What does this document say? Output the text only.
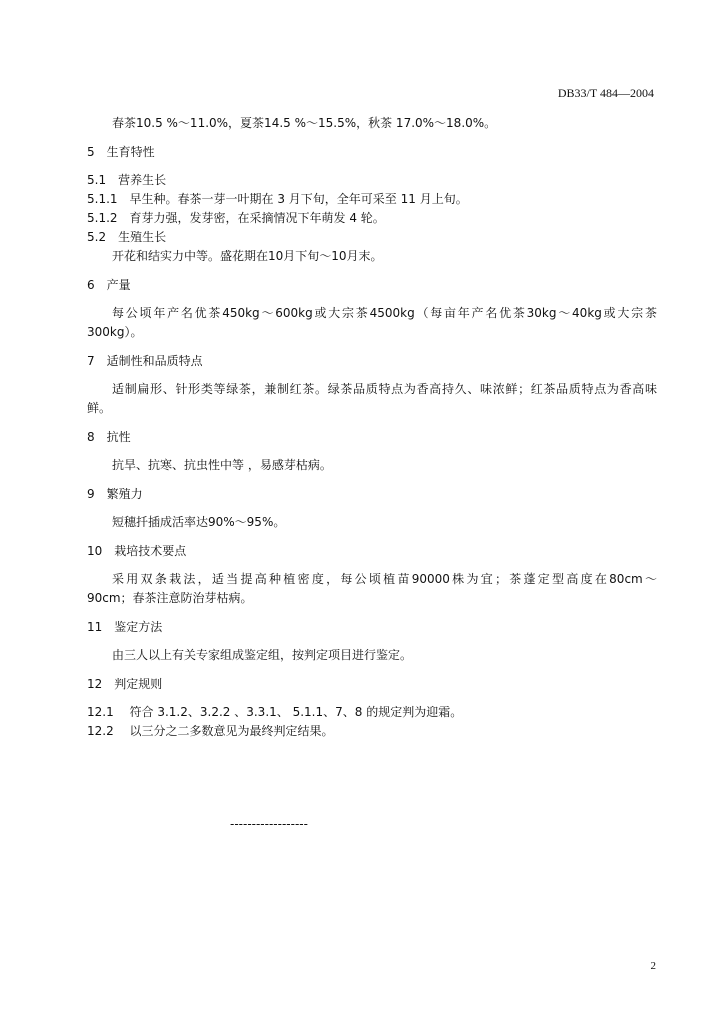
DB33/T 484—2004
春茶10.5 %～11.0%，夏茶14.5 %～15.5%，秋茶 17.0%～18.0%。
5　生育特性
5.1　营养生长
5.1.1　早生种。春茶一芽一叶期在 3 月下旬，全年可采至 11 月上旬。
5.1.2　育芽力强，发芽密，在采摘情况下年萌发 4 轮。
5.2　生殖生长
开花和结实力中等。盛花期在10月下旬～10月末。
6　产量
每公顷年产名优茶450kg～600kg或大宗茶4500kg（每亩年产名优茶30kg～40kg或大宗茶
300kg）。
7　适制性和品质特点
适制扁形、针形类等绿茶，兼制红茶。绿茶品质特点为香高持久、味浓鲜；红茶品质特点为香高味
鲜。
8　抗性
抗旱、抗寒、抗虫性中等 ，易感芽枯病。
9　繁殖力
短穗扦插成活率达90%～95%。
10　栽培技术要点
采用双条栽法，适当提高种植密度，每公顷植苗90000株为宜；茶蓬定型高度在80cm～
90cm；春茶注意防治芽枯病。
11　鉴定方法
由三人以上有关专家组成鉴定组，按判定项目进行鉴定。
12　判定规则
12.1　 符合 3.1.2、3.2.2 、3.3.1、 5.1.1、7、8 的规定判为迎霜。
12.2　 以三分之二多数意见为最终判定结果。
------------------
2
